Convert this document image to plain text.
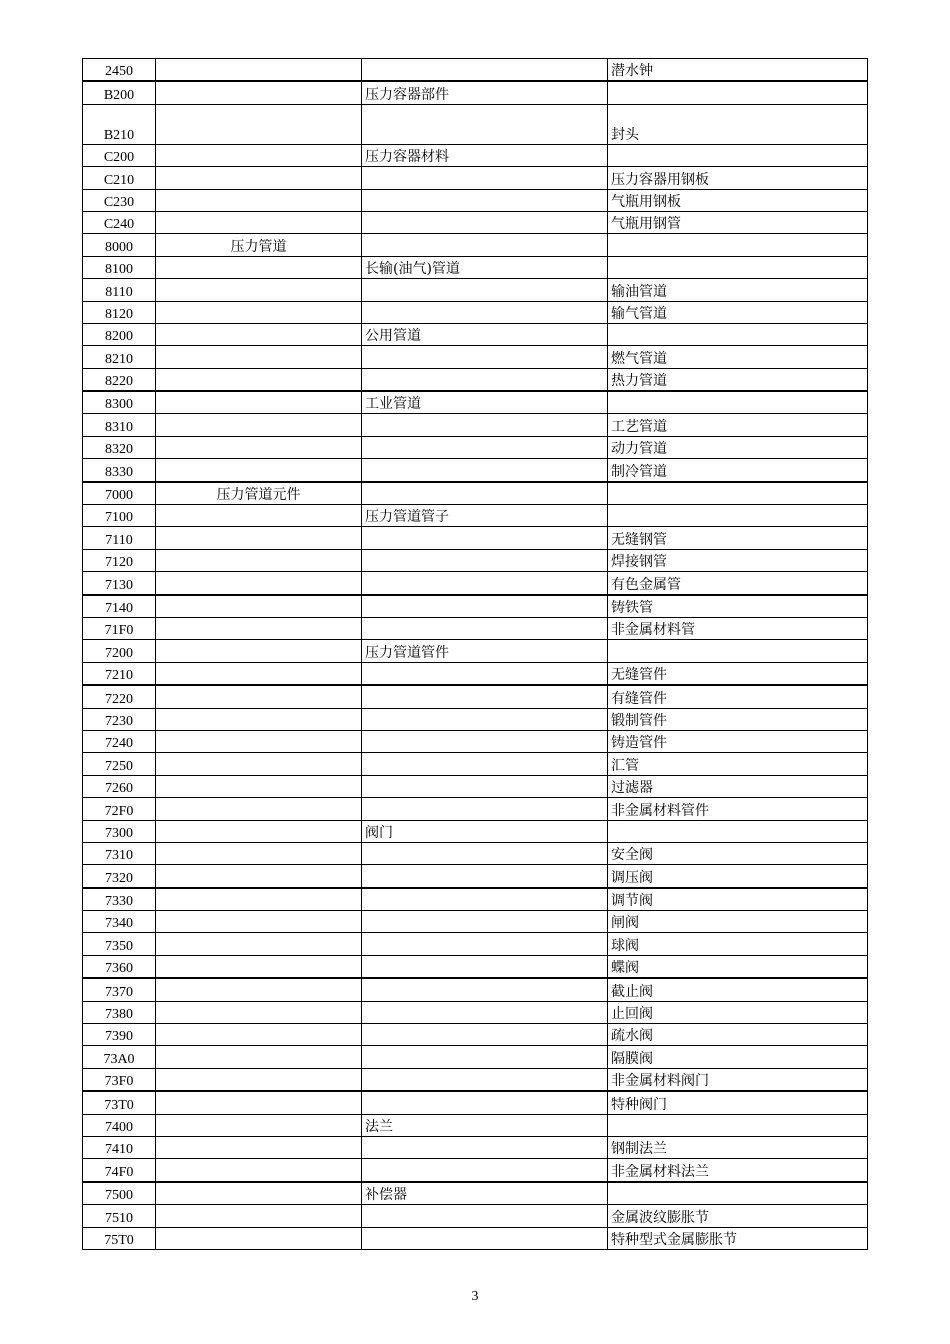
2450			潜水钟
B200		压力容器部件	
B210			封头
C200		压力容器材料	
C210			压力容器用钢板
C230			气瓶用钢板
C240			气瓶用钢管
8000	压力管道		
8100		长输(油气)管道	
8110			输油管道
8120			输气管道
8200		公用管道	
8210			燃气管道
8220			热力管道
8300		工业管道	
8310			工艺管道
8320			动力管道
8330			制冷管道
7000	压力管道元件		
7100		压力管道管子	
7110			无缝钢管
7120			焊接钢管
7130			有色金属管
7140			铸铁管
71F0			非金属材料管
7200		压力管道管件	
7210			无缝管件
7220			有缝管件
7230			锻制管件
7240			铸造管件
7250			汇管
7260			过滤器
72F0			非金属材料管件
7300		阀门	
7310			安全阀
7320			调压阀
7330			调节阀
7340			闸阀
7350			球阀
7360			蝶阀
7370			截止阀
7380			止回阀
7390			疏水阀
73A0			隔膜阀
73F0			非金属材料阀门
73T0			特种阀门
7400		法兰	
7410			钢制法兰
74F0			非金属材料法兰
7500		补偿器	
7510			金属波纹膨胀节
75T0			特种型式金属膨胀节
3
